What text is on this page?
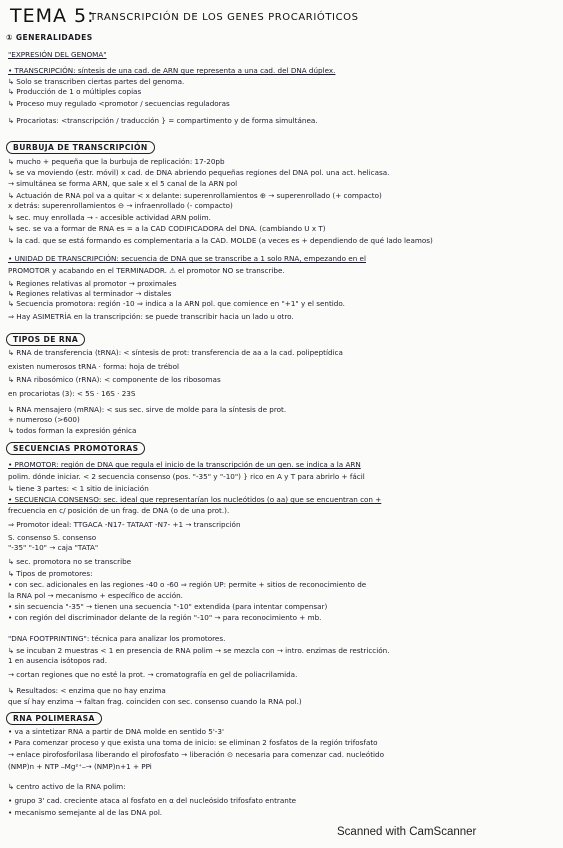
TEMA 5:
TRANSCRIPCIÓN DE LOS GENES PROCARIÓTICOS
① GENERALIDADES
"EXPRESIÓN DEL GENOMA"
• TRANSCRIPCIÓN: síntesis de una cad. de ARN que representa a una cad. del DNA dúplex.
↳ Solo se transcriben ciertas partes del genoma.
↳ Producción de 1 o múltiples copias
↳ Proceso muy regulado <promotor / secuencias reguladoras
↳ Procariotas: <transcripción / traducción } = compartimento y de forma simultánea.
↳ mucho + pequeña que la burbuja de replicación: 17-20pb
↳ se va moviendo (estr. móvil) x cad. de DNA abriendo pequeñas regiones del DNA pol. una act. helicasa.
→ simultánea se forma ARN, que sale x el 5 canal de la ARN pol
↳ Actuación de RNA pol va a quitar < x delante: superenrollamientos ⊕ → superenrollado (+ compacto)
x detrás: superenrollamientos ⊖ → infraenrollado (- compacto)
↳ sec. muy enrollada → - accesible actividad ARN polim.
↳ sec. se va a formar de RNA es = a la CAD CODIFICADORA del DNA. (cambiando U x T)
↳ la cad. que se está formando es complementaria a la CAD. MOLDE (a veces es + dependiendo de qué lado leamos)
• UNIDAD DE TRANSCRIPCIÓN: secuencia de DNA que se transcribe a 1 solo RNA, empezando en el
PROMOTOR y acabando en el TERMINADOR. ⚠ el promotor NO se transcribe.
↳ Regiones relativas al promotor → proximales
↳ Regiones relativas al terminador → distales
↳ Secuencia promotora: región -10 ⇒ indica a la ARN pol. que comience en "+1" y el sentido.
⇒ Hay ASIMETRÍA en la transcripción: se puede transcribir hacia un lado u otro.
↳ RNA de transferencia (tRNA): < síntesis de prot: transferencia de aa a la cad. polipeptídica
existen numerosos tRNA · forma: hoja de trébol
↳ RNA ribosómico (rRNA): < componente de los ribosomas
en procariotas (3): < 5S · 16S · 23S
↳ RNA mensajero (mRNA): < sus sec. sirve de molde para la síntesis de prot.
+ numeroso (>600)
↳ todos forman la expresión génica
• PROMOTOR: región de DNA que regula el inicio de la transcripción de un gen. se indica a la ARN
polim. dónde iniciar. < 2 secuencia consenso (pos. "-35" y "-10") } rico en A y T para abrirlo + fácil
↳ tiene 3 partes: < 1 sitio de iniciación
• SECUENCIA CONSENSO: sec. ideal que representarían los nucleótidos (o aa) que se encuentran con +
frecuencia en c/ posición de un frag. de DNA (o de una prot.).
⇒ Promotor ideal: TTGACA -N17- TATAAT -N7- +1 → transcripción
S. consenso S. consenso
"-35" "-10" → caja "TATA"
↳ sec. promotora no se transcribe
↳ Tipos de promotores:
• con sec. adicionales en las regiones -40 o -60 ⇒ región UP: permite + sitios de reconocimiento de
la RNA pol → mecanismo + específico de acción.
• sin secuencia "-35" → tienen una secuencia "-10" extendida (para intentar compensar)
• con región del discriminador delante de la región "-10" → para reconocimiento + mb.
"DNA FOOTPRINTING": técnica para analizar los promotores.
↳ se incuban 2 muestras < 1 en presencia de RNA polim → se mezcla con → intro. enzimas de restricción.
1 en ausencia isótopos rad.
→ cortan regiones que no esté la prot. → cromatografía en gel de poliacrilamida.
↳ Resultados: < enzima que no hay enzima
que sí hay enzima → faltan frag. coinciden con sec. consenso cuando la RNA pol.)
• va a sintetizar RNA a partir de DNA molde en sentido 5'-3'
• Para comenzar proceso y que exista una toma de inicio: se eliminan 2 fosfatos de la región trifosfato
→ enlace pirofosforilasa liberando el pirofosfato → liberación ⊙ necesaria para comenzar cad. nucleótido
(NMP)n + NTP ⎯Mg²⁺⎯→ (NMP)n+1 + PPi
↳ centro activo de la RNA polim:
• grupo 3' cad. creciente ataca al fosfato en α del nucleósido trifosfato entrante
• mecanismo semejante al de las DNA pol.
BURBUJA DE TRANSCRIPCIÓN
TIPOS DE RNA
SECUENCIAS PROMOTORAS
RNA POLIMERASA
Scanned with CamScanner
